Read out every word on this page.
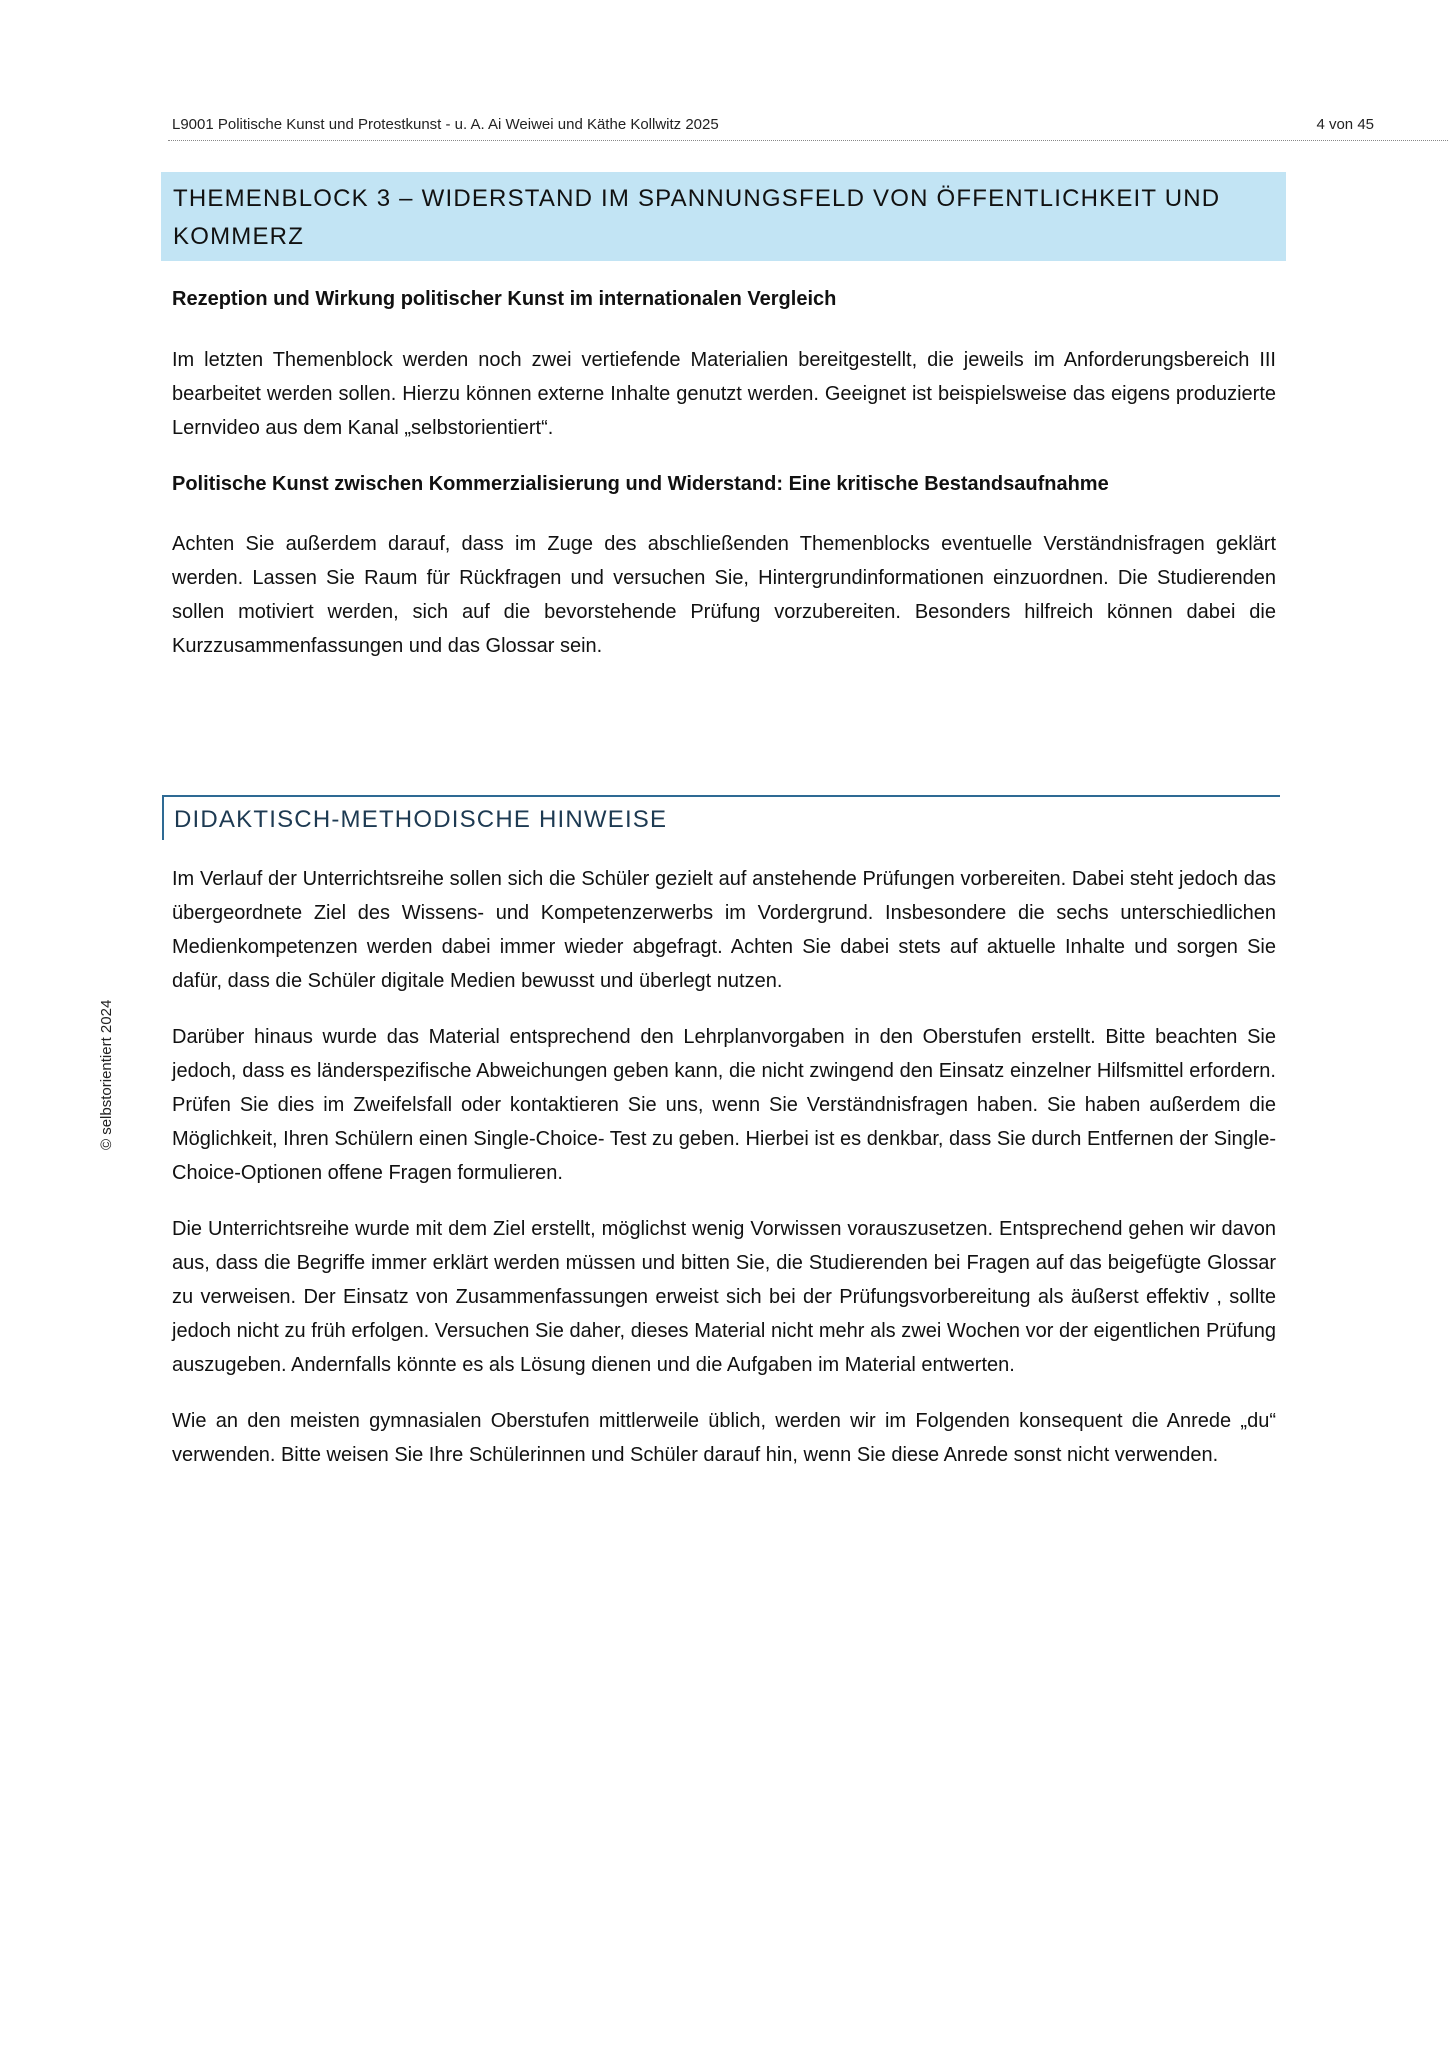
L9001 Politische Kunst und Protestkunst - u. A. Ai Weiwei und Käthe Kollwitz 2025	4 von 45
THEMENBLOCK 3 – WIDERSTAND IM SPANNUNGSFELD VON ÖFFENTLICHKEIT UND KOMMERZ
Rezeption und Wirkung politischer Kunst im internationalen Vergleich

Im letzten Themenblock werden noch zwei vertiefende Materialien bereitgestellt, die jeweils im Anforderungsbereich III bearbeitet werden sollen. Hierzu können externe Inhalte genutzt werden. Geeignet ist beispielsweise das eigens produzierte Lernvideo aus dem Kanal „selbstorientiert“.

Politische Kunst zwischen Kommerzialisierung und Widerstand: Eine kritische Bestandsaufnahme

Achten Sie außerdem darauf, dass im Zuge des abschließenden Themenblocks eventuelle Verständnisfragen geklärt werden. Lassen Sie Raum für Rückfragen und versuchen Sie, Hintergrundinformationen einzuordnen. Die Studierenden sollen motiviert werden, sich auf die bevorstehende Prüfung vorzubereiten. Besonders hilfreich können dabei die Kurzzusammenfassungen und das Glossar sein.

DIDAKTISCH-METHODISCHE HINWEISE

Im Verlauf der Unterrichtsreihe sollen sich die Schüler gezielt auf anstehende Prüfungen vorbereiten. Dabei steht jedoch das übergeordnete Ziel des Wissens- und Kompetenzerwerbs im Vordergrund. Insbesondere die sechs unterschiedlichen Medienkompetenzen werden dabei immer wieder abgefragt. Achten Sie dabei stets auf aktuelle Inhalte und sorgen Sie dafür, dass die Schüler digitale Medien bewusst und überlegt nutzen.

Darüber hinaus wurde das Material entsprechend den Lehrplanvorgaben in den Oberstufen erstellt. Bitte beachten Sie jedoch, dass es länderspezifische Abweichungen geben kann, die nicht zwingend den Einsatz einzelner Hilfsmittel erfordern. Prüfen Sie dies im Zweifelsfall oder kontaktieren Sie uns, wenn Sie Verständnisfragen haben. Sie haben außerdem die Möglichkeit, Ihren Schülern einen Single-Choice- Test zu geben. Hierbei ist es denkbar, dass Sie durch Entfernen der Single-Choice-Optionen offene Fragen formulieren.

Die Unterrichtsreihe wurde mit dem Ziel erstellt, möglichst wenig Vorwissen vorauszusetzen. Entsprechend gehen wir davon aus, dass die Begriffe immer erklärt werden müssen und bitten Sie, die Studierenden bei Fragen auf das beigefügte Glossar zu verweisen. Der Einsatz von Zusammenfassungen erweist sich bei der Prüfungsvorbereitung als äußerst effektiv , sollte jedoch nicht zu früh erfolgen. Versuchen Sie daher, dieses Material nicht mehr als zwei Wochen vor der eigentlichen Prüfung auszugeben. Andernfalls könnte es als Lösung dienen und die Aufgaben im Material entwerten.

Wie an den meisten gymnasialen Oberstufen mittlerweile üblich, werden wir im Folgenden konsequent die Anrede „du“ verwenden. Bitte weisen Sie Ihre Schülerinnen und Schüler darauf hin, wenn Sie diese Anrede sonst nicht verwenden.

© selbstorientiert 2024
